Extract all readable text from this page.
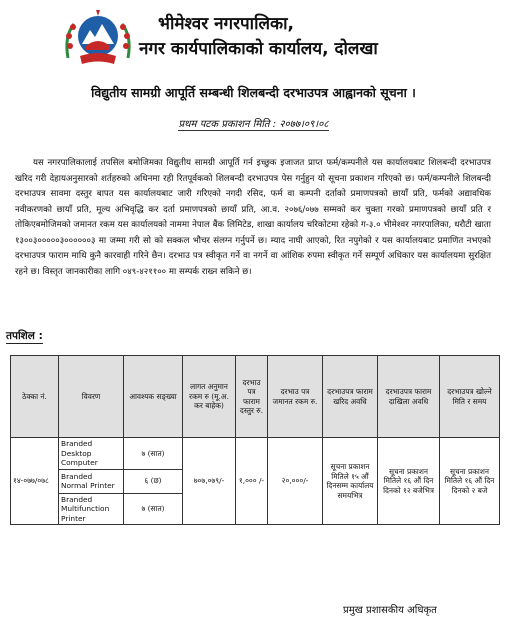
भीमेश्वर नगरपालिका,
नगर कार्यपालिकाको कार्यालय, दोलखा
विद्युतीय सामग्री आपूर्ति सम्बन्धी शिलबन्दी दरभाउपत्र आह्वानको सूचना ।
प्रथम पटक प्रकाशन मिति : २०७७।०९।०८

यस नगरपालिकालाई तपसिल बमोजिमका विद्युतीय सामग्री आपूर्ति गर्न इच्छुक इजाजत प्राप्त फर्म/कम्पनीले यस कार्यालयबाट शिलबन्दी दरभाउपत्र खरिद गरी देहायअनुसारको शर्तहरुको अधिनमा रही रितपूर्वकको शिलबन्दी दरभाउपत्र पेस गर्नुहुन यो सूचना प्रकाशन गरिएको छ। फर्म/कम्पनीले शिलबन्दी दरभाउपत्र सावमा दस्तुर बापत यस कार्यालयबाट जारी गरिएको नगदी रसिद, फर्म वा कम्पनी दर्ताको प्रमाणपत्रको छायाँ प्रति, फर्मको अद्यावधिक नवीकरणको छायाँ प्रति, मूल्य अभिवृद्धि कर दर्ता प्रमाणपत्रको छायाँ प्रति, आ.व. २०७६/०७७ सम्मको कर चुक्ता गरको प्रमाणपत्रको छायाँ प्रति र तोकिएबमोजिमको जमानत रकम यस कार्यालयको नाममा नेपाल बैंक लिमिटेड, शाखा कार्यालय चरिकोटमा रहेको ग-३.० भीमेश्वर नगरपालिका, धरौटी खाता १३००३०००००३००००००३ मा जम्मा गरी सो को सक्कल भौचर संलग्न गर्नुपर्ने छ। म्याद नाघी आएको, रित नपुगेको र यस कार्यालयबाट प्रमाणित नभएको दरभाउपत्र फाराम माथि कुनै कारवाही गरिने छैन। दरभाउ पत्र स्वीकृत गर्ने वा नगर्ने वा आंशिक रुपमा स्वीकृत गर्ने सम्पूर्ण अधिकार यस कार्यालयमा सुरक्षित रहने छ। विस्तृत जानकारीका लागि ०४९-४२११०० मा सम्पर्क राख्न सकिने छ।

तपशिल :
ठेक्का नं.	विवरण	आवश्यक सङ्ख्या	लागत अनुमान रकम रु (मू.अ. कर बाहेक)	दरभाउ पत्र फाराम दस्तुर रु.	दरभाउ पत्र जमानत रकम रु.	दरभाउपत्र फाराम खरिद अवधि	दरभाउपत्र फाराम दाखिला अवधि	दरभाउपत्र खोल्ने मिति र समय
१४-०७७/०७८	Branded Desktop Computer	७ (सात)	७०७,०७९/-	१,००० /-	२०,०००/-	सूचना प्रकाशन मितिले १५ औं दिनसम्म कार्यालय समयभित्र	सूचना प्रकाशन मितिले १६ औं दिन दिनको १२ बजेभित्र	सूचना प्रकाशन मितिले १६ औं दिन दिनको २ बजे
	Branded Normal Printer	६ (छ)						
	Branded Multifunction Printer	७ (सात)						
प्रमुख प्रशासकीय अधिकृत
